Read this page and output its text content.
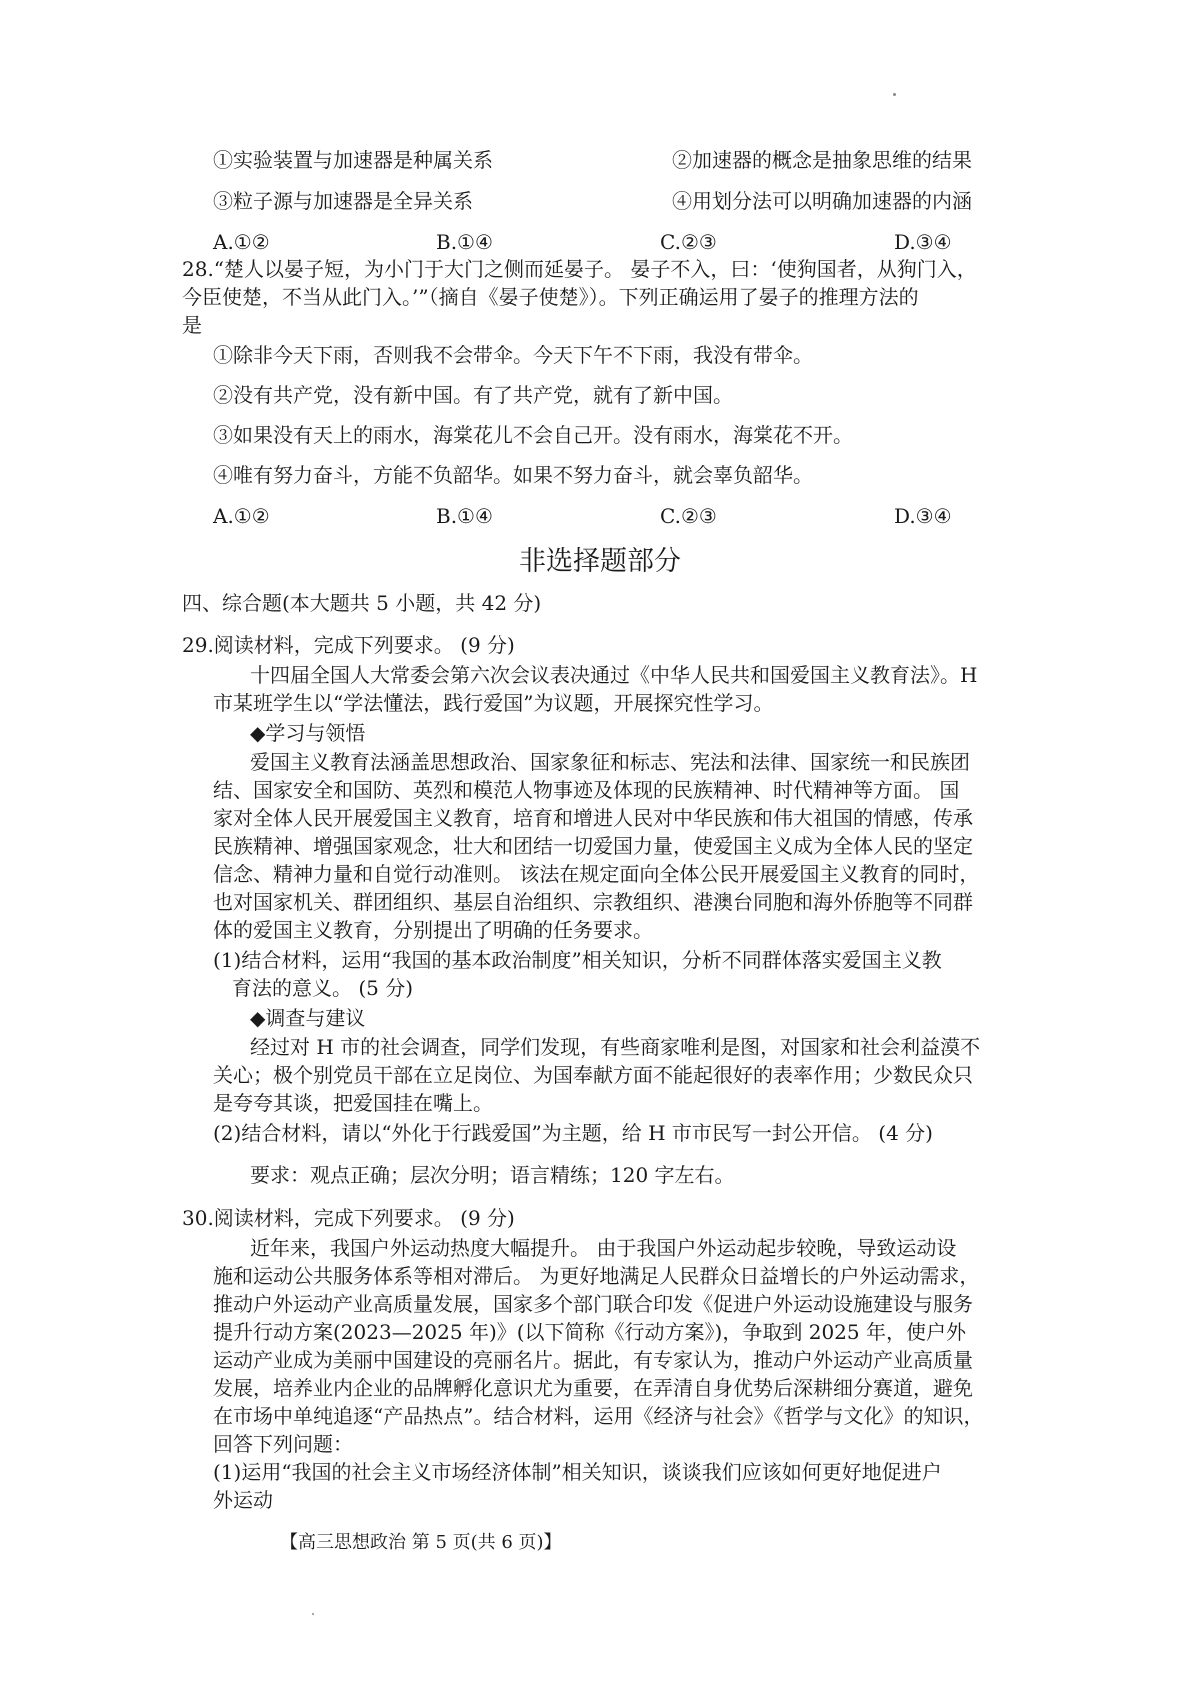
①实验装置与加速器是种属关系	②加速器的概念是抽象思维的结果
③粒子源与加速器是全异关系	④用划分法可以明确加速器的内涵
A.①②	B.①④	C.②③	D.③④
28.“楚人以晏子短，为小门于大门之侧而延晏子。 晏子不入，曰：‘使狗国者，从狗门入，
今臣使楚，不当从此门入。’”（摘自《晏子使楚》）。下列正确运用了晏子的推理方法的
是
①除非今天下雨，否则我不会带伞。今天下午不下雨，我没有带伞。
②没有共产党，没有新中国。有了共产党，就有了新中国。
③如果没有天上的雨水，海棠花儿不会自己开。没有雨水，海棠花不开。
④唯有努力奋斗，方能不负韶华。如果不努力奋斗，就会辜负韶华。
A.①②	B.①④	C.②③	D.③④
非选择题部分
四、综合题(本大题共 5 小题，共 42 分)
29.阅读材料，完成下列要求。 (9 分)
十四届全国人大常委会第六次会议表决通过《中华人民共和国爱国主义教育法》。H
市某班学生以“学法懂法，践行爱国”为议题，开展探究性学习。
◆学习与领悟
爱国主义教育法涵盖思想政治、国家象征和标志、宪法和法律、国家统一和民族团
结、国家安全和国防、英烈和模范人物事迹及体现的民族精神、时代精神等方面。 国
家对全体人民开展爱国主义教育，培育和增进人民对中华民族和伟大祖国的情感，传承
民族精神、增强国家观念，壮大和团结一切爱国力量，使爱国主义成为全体人民的坚定
信念、精神力量和自觉行动准则。 该法在规定面向全体公民开展爱国主义教育的同时，
也对国家机关、群团组织、基层自治组织、宗教组织、港澳台同胞和海外侨胞等不同群
体的爱国主义教育，分别提出了明确的任务要求。
(1)结合材料，运用“我国的基本政治制度”相关知识，分析不同群体落实爱国主义教
育法的意义。 (5 分)
◆调查与建议
经过对 H 市的社会调查，同学们发现，有些商家唯利是图，对国家和社会利益漠不
关心；极个别党员干部在立足岗位、为国奉献方面不能起很好的表率作用；少数民众只
是夸夸其谈，把爱国挂在嘴上。
(2)结合材料，请以“外化于行践爱国”为主题，给 H 市市民写一封公开信。 (4 分)
要求：观点正确；层次分明；语言精练；120 字左右。
30.阅读材料，完成下列要求。 (9 分)
近年来，我国户外运动热度大幅提升。 由于我国户外运动起步较晚，导致运动设
施和运动公共服务体系等相对滞后。 为更好地满足人民群众日益增长的户外运动需求，
推动户外运动产业高质量发展，国家多个部门联合印发《促进户外运动设施建设与服务
提升行动方案(2023—2025 年)》(以下简称《行动方案》)，争取到 2025 年，使户外
运动产业成为美丽中国建设的亮丽名片。据此，有专家认为，推动户外运动产业高质量
发展，培养业内企业的品牌孵化意识尤为重要，在弄清自身优势后深耕细分赛道，避免
在市场中单纯追逐“产品热点”。结合材料，运用《经济与社会》《哲学与文化》的知识，
回答下列问题：
(1)运用“我国的社会主义市场经济体制”相关知识，谈谈我们应该如何更好地促进户
外运动
【高三思想政治 第 5 页(共 6 页)】
